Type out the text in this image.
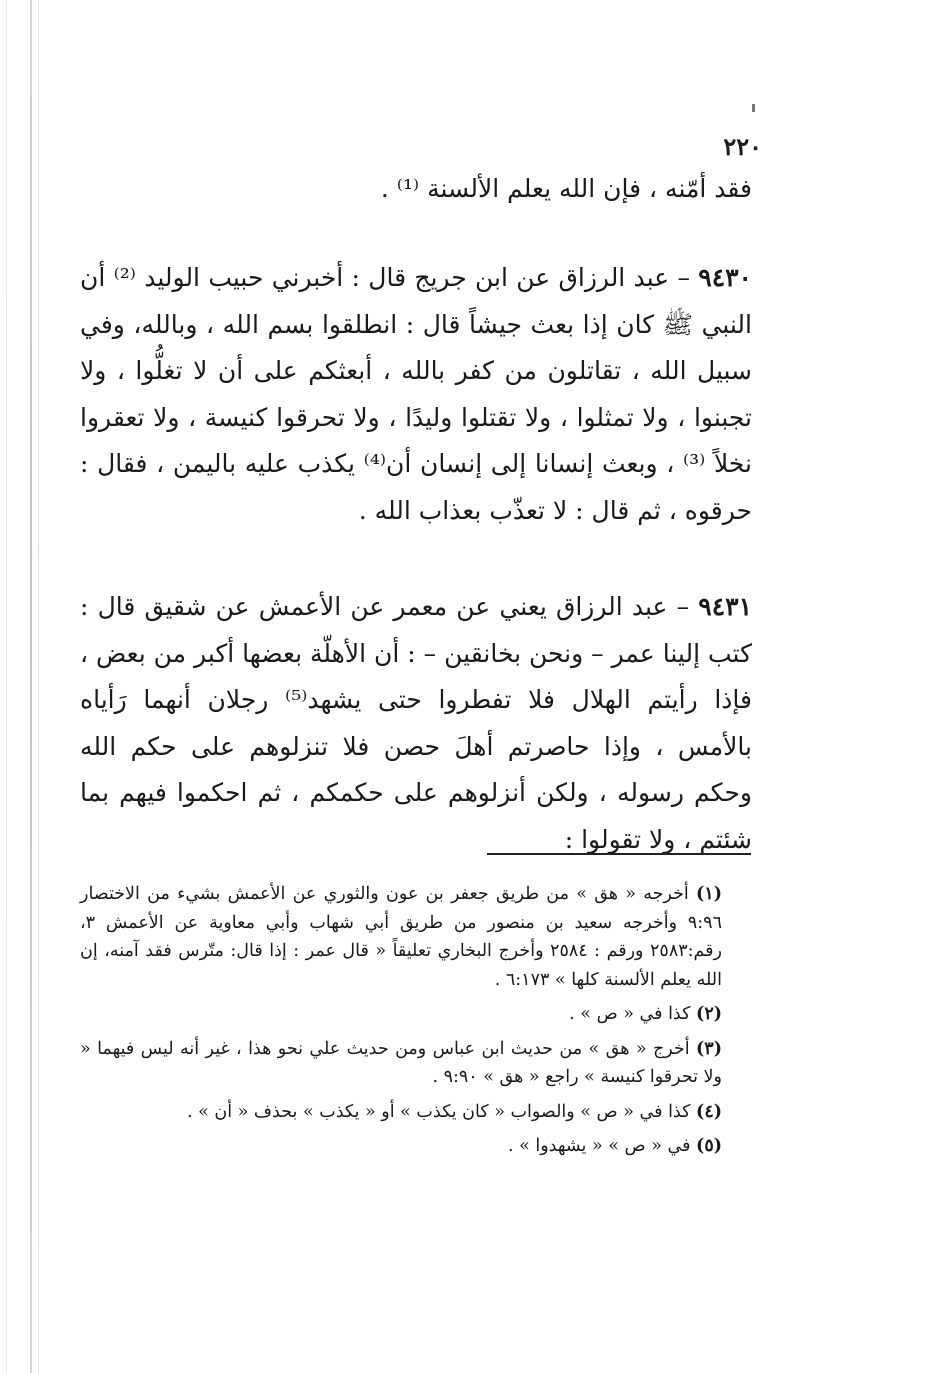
٢٢٠

فقد أمّنه ، فإن الله يعلم الألسنة ⁽¹⁾ .

٩٤٣٠ – عبد الرزاق عن ابن جريج قال : أخبرني حبيب الوليد ⁽²⁾ أن النبي ﷺ كان إذا بعث جيشاً قال : انطلقوا بسم الله ، وبالله، وفي سبيل الله ، تقاتلون من كفر بالله ، أبعثكم على أن لا تغلُّوا ، ولا تجبنوا ، ولا تمثلوا ، ولا تقتلوا وليدًا ، ولا تحرقوا كنيسة ، ولا تعقروا نخلاً ⁽³⁾ ، وبعث إنسانا إلى إنسان أن⁽⁴⁾ يكذب عليه باليمن ، فقال : حرقوه ، ثم قال : لا تعذّب بعذاب الله .

٩٤٣١ – عبد الرزاق يعني عن معمر عن الأعمش عن شقيق قال : كتب إلينا عمر – ونحن بخانقين – : أن الأهلّة بعضها أكبر من بعض ، فإذا رأيتم الهلال فلا تفطروا حتى يشهد⁽⁵⁾ رجلان أنهما رَأياه بالأمس ، وإذا حاصرتم أهلَ حصن فلا تنزلوهم على حكم الله وحكم رسوله ، ولكن أنزلوهم على حكمكم ، ثم احكموا فيهم بما شئتم ، ولا تقولوا :

(١) أخرجه « هق » من طريق جعفر بن عون والثوري عن الأعمش بشيء من الاختصار ٩:٩٦ وأخرجه سعيد بن منصور من طريق أبي شهاب وأبي معاوية عن الأعمش ٣، رقم:٢٥٨٣ ورقم : ٢٥٨٤ وأخرج البخاري تعليقاً « قال عمر : إذا قال: متّرس فقد آمنه، إن الله يعلم الألسنة كلها » ٦:١٧٣ .

(٢) كذا في « ص » .

(٣) أخرج « هق » من حديث ابن عباس ومن حديث علي نحو هذا ، غير أنه ليس فيهما « ولا تحرقوا كنيسة » راجع « هق » ٩:٩٠ .

(٤) كذا في « ص » والصواب « كان يكذب » أو « يكذب » بحذف « أن » .

(٥) في « ص » « يشهدوا » .
